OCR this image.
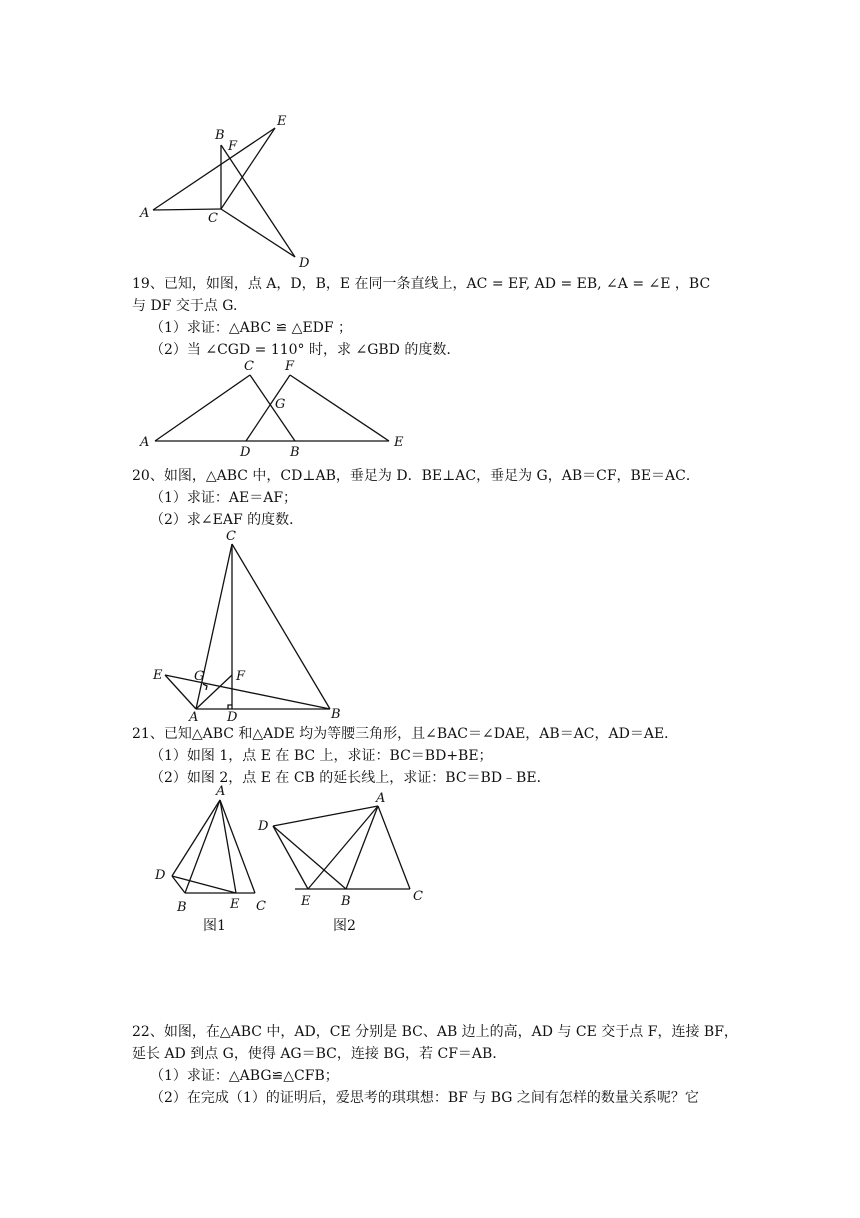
A
B
C
D
E
F
19、已知，如图，点 A，D，B，E 在同一条直线上，AC = EF, AD = EB, ∠A = ∠E ，BC
与 DF 交于点 G.
（1）求证：△ABC ≌ △EDF ；
（2）当 ∠CGD = 110° 时，求 ∠GBD 的度数.
A
C F
G
D	B
E
20、如图，△ABC 中，CD⊥AB，垂足为 D．BE⊥AC，垂足为 G，AB＝CF，BE＝AC．
（1）求证：AE＝AF；
（2）求∠EAF 的度数．
C
E G F
A D	B
21、已知△ABC 和△ADE 均为等腰三角形，且∠BAC＝∠DAE，AB＝AC，AD＝AE．
（1）如图 1，点 E 在 BC 上，求证：BC＝BD+BE；
（2）如图 2，点 E 在 CB 的延长线上，求证：BC＝BD﹣BE．
A
D
B	E C
图1
A
D
E B	C
图2
22、如图，在△ABC 中，AD，CE 分别是 BC、AB 边上的高，AD 与 CE 交于点 F，连接 BF，
延长 AD 到点 G，使得 AG＝BC，连接 BG，若 CF＝AB．
（1）求证：△ABG≌△CFB；
（2）在完成（1）的证明后，爱思考的琪琪想：BF 与 BG 之间有怎样的数量关系呢？它
